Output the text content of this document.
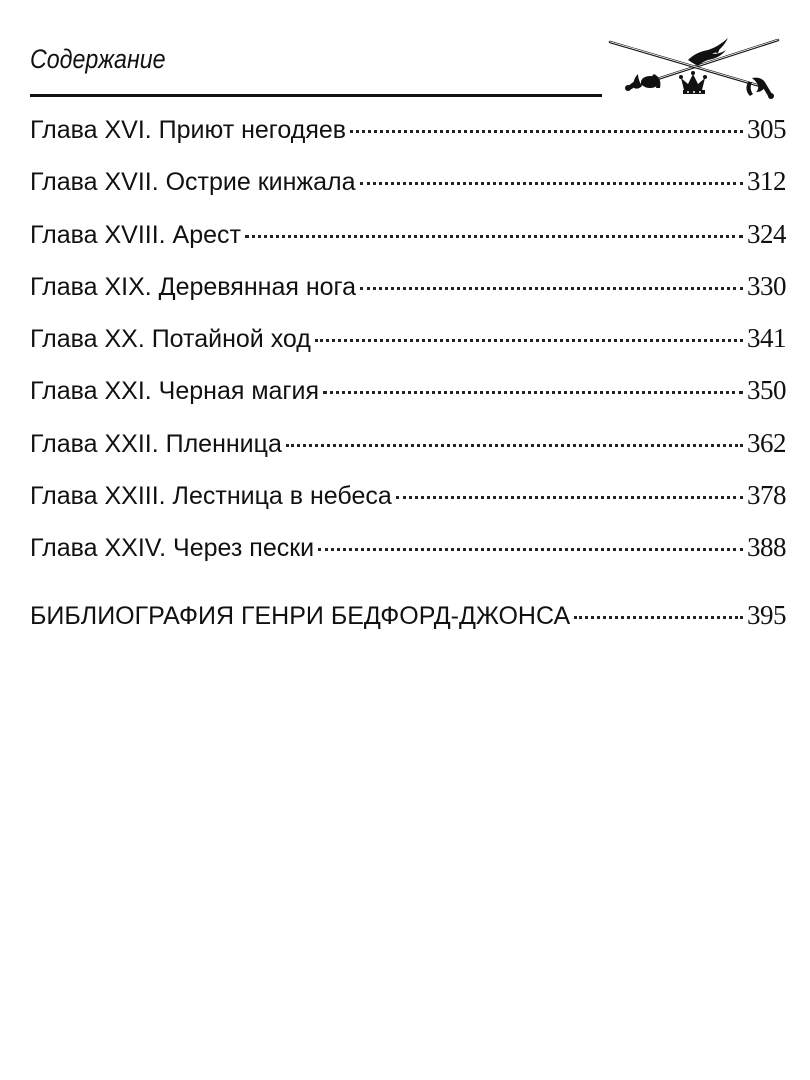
Содержание
Глава XVI. Приют негодяев	305
Глава XVII. Острие кинжала	312
Глава XVIII. Арест	324
Глава XIX. Деревянная нога	330
Глава XX. Потайной ход	341
Глава XXI. Черная магия	350
Глава XXII. Пленница	362
Глава XXIII. Лестница в небеса	378
Глава XXIV. Через пески	388
БИБЛИОГРАФИЯ ГЕНРИ БЕДФОРД-ДЖОНСА	395
